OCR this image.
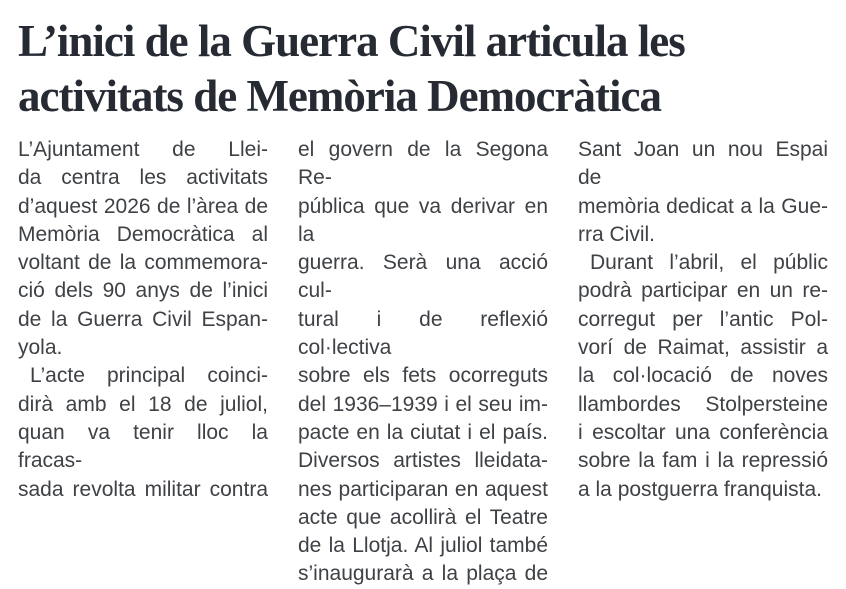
L’inici de la Guerra Civil articula les
activitats de Memòria Democràtica
L’Ajuntament de Llei-
da centra les activitats
d’aquest 2026 de l’àrea de
Memòria Democràtica al
voltant de la commemora-
ció dels 90 anys de l’inici
de la Guerra Civil Espan-
yola.
L’acte principal coinci-
dirà amb el 18 de juliol,
quan va tenir lloc la fracas-
sada revolta militar contra
el govern de la Segona Re-
pública que va derivar en la
guerra. Serà una acció cul-
tural i de reflexió col·lectiva
sobre els fets ocorreguts
del 1936–1939 i el seu im-
pacte en la ciutat i el país.
Diversos artistes lleidata-
nes participaran en aquest
acte que acollirà el Teatre
de la Llotja. Al juliol també
s’inaugurarà a la plaça de
Sant Joan un nou Espai de
memòria dedicat a la Gue-
rra Civil.
Durant l’abril, el públic
podrà participar en un re-
corregut per l’antic Pol-
vorí de Raimat, assistir a
la col·locació de noves
llambordes Stolpersteine
i escoltar una conferència
sobre la fam i la repressió
a la postguerra franquista.
